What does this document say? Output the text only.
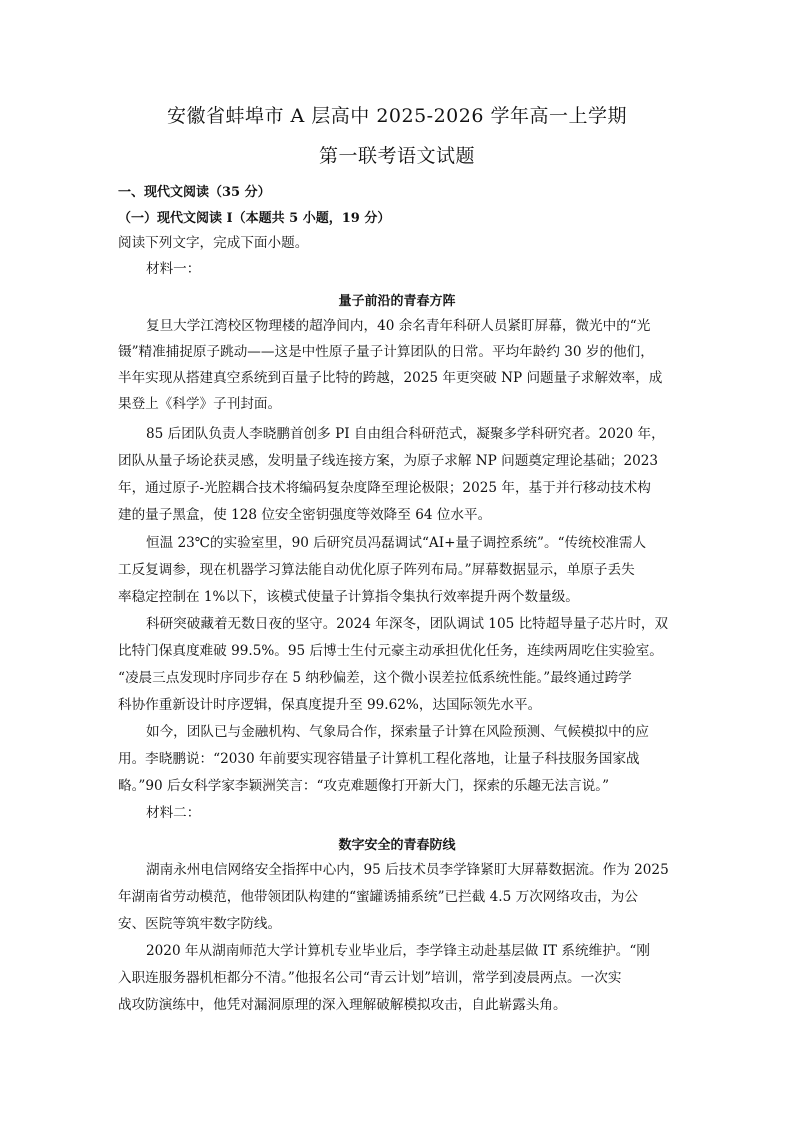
安徽省蚌埠市 A 层高中 2025-2026 学年高一上学期
第一联考语文试题

一、现代文阅读（35 分）

（一）现代文阅读 I（本题共 5 小题，19 分）

阅读下列文字，完成下面小题。

材料一：

量子前沿的青春方阵

复旦大学江湾校区物理楼的超净间内，40 余名青年科研人员紧盯屏幕，微光中的“光

镊”精准捕捉原子跳动——这是中性原子量子计算团队的日常。平均年龄约 30 岁的他们，

半年实现从搭建真空系统到百量子比特的跨越，2025 年更突破 NP 问题量子求解效率，成

果登上《科学》子刊封面。

85 后团队负责人李晓鹏首创多 PI 自由组合科研范式，凝聚多学科研究者。2020 年，

团队从量子场论获灵感，发明量子线连接方案，为原子求解 NP 问题奠定理论基础；2023

年，通过原子-光腔耦合技术将编码复杂度降至理论极限；2025 年，基于并行移动技术构

建的量子黑盒，使 128 位安全密钥强度等效降至 64 位水平。

恒温 23℃的实验室里，90 后研究员冯磊调试“AI+量子调控系统”。“传统校准需人

工反复调参，现在机器学习算法能自动优化原子阵列布局。”屏幕数据显示，单原子丢失

率稳定控制在 1%以下，该模式使量子计算指令集执行效率提升两个数量级。

科研突破藏着无数日夜的坚守。2024 年深冬，团队调试 105 比特超导量子芯片时，双

比特门保真度难破 99.5%。95 后博士生付元豪主动承担优化任务，连续两周吃住实验室。

“凌晨三点发现时序同步存在 5 纳秒偏差，这个微小误差拉低系统性能。”最终通过跨学

科协作重新设计时序逻辑，保真度提升至 99.62%，达国际领先水平。

如今，团队已与金融机构、气象局合作，探索量子计算在风险预测、气候模拟中的应

用。李晓鹏说：“2030 年前要实现容错量子计算机工程化落地，让量子科技服务国家战

略。”90 后女科学家李颖洲笑言：“攻克难题像打开新大门，探索的乐趣无法言说。”

材料二：

数字安全的青春防线

湖南永州电信网络安全指挥中心内，95 后技术员李学锋紧盯大屏幕数据流。作为 2025

年湖南省劳动模范，他带领团队构建的“蜜罐诱捕系统”已拦截 4.5 万次网络攻击，为公

安、医院等筑牢数字防线。

2020 年从湖南师范大学计算机专业毕业后，李学锋主动赴基层做 IT 系统维护。“刚

入职连服务器机柜都分不清。”他报名公司“青云计划”培训，常学到凌晨两点。一次实

战攻防演练中，他凭对漏洞原理的深入理解破解模拟攻击，自此崭露头角。
